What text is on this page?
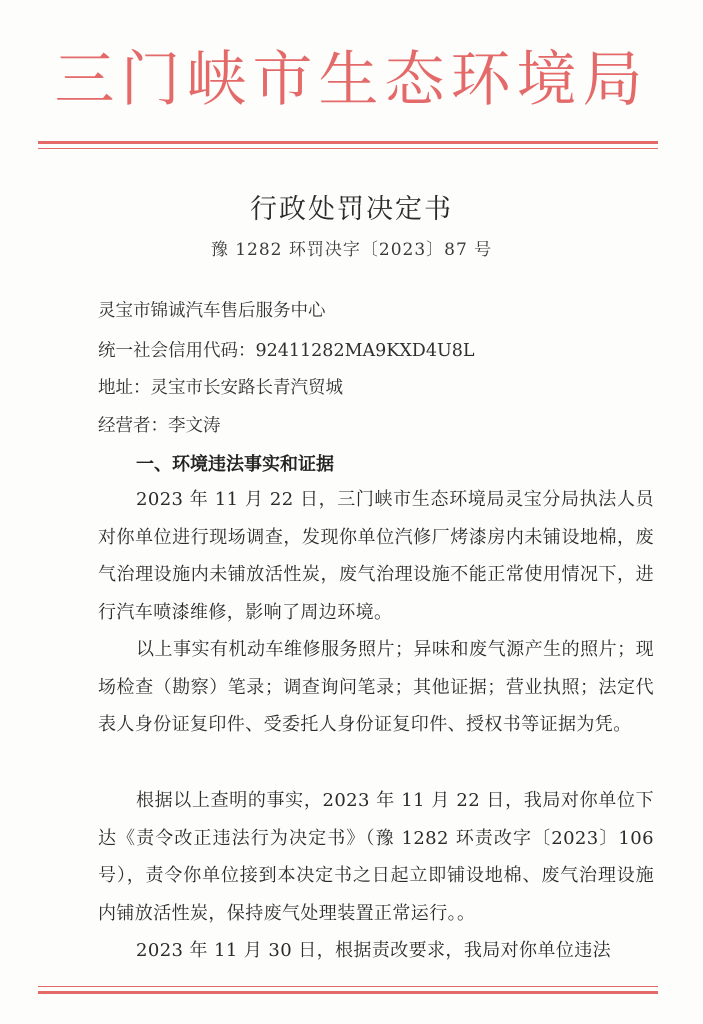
三门峡市生态环境局
行政处罚决定书
豫 1282 环罚决字〔2023〕87 号
灵宝市锦诚汽车售后服务中心
统一社会信用代码：92411282MA9KXD4U8L
地址：灵宝市长安路长青汽贸城
经营者：李文涛
一、环境违法事实和证据
2023 年 11 月 22 日，三门峡市生态环境局灵宝分局执法人员对你单位进行现场调查，发现你单位汽修厂烤漆房内未铺设地棉，废气治理设施内未铺放活性炭，废气治理设施不能正常使用情况下，进行汽车喷漆维修，影响了周边环境。
以上事实有机动车维修服务照片；异味和废气源产生的照片；现场检查（勘察）笔录；调查询问笔录；其他证据；营业执照；法定代表人身份证复印件、受委托人身份证复印件、授权书等证据为凭。
根据以上查明的事实，2023 年 11 月 22 日，我局对你单位下达《责令改正违法行为决定书》（豫 1282 环责改字〔2023〕106 号），责令你单位接到本决定书之日起立即铺设地棉、废气治理设施内铺放活性炭，保持废气处理装置正常运行。。
2023 年 11 月 30 日，根据责改要求，我局对你单位违法
